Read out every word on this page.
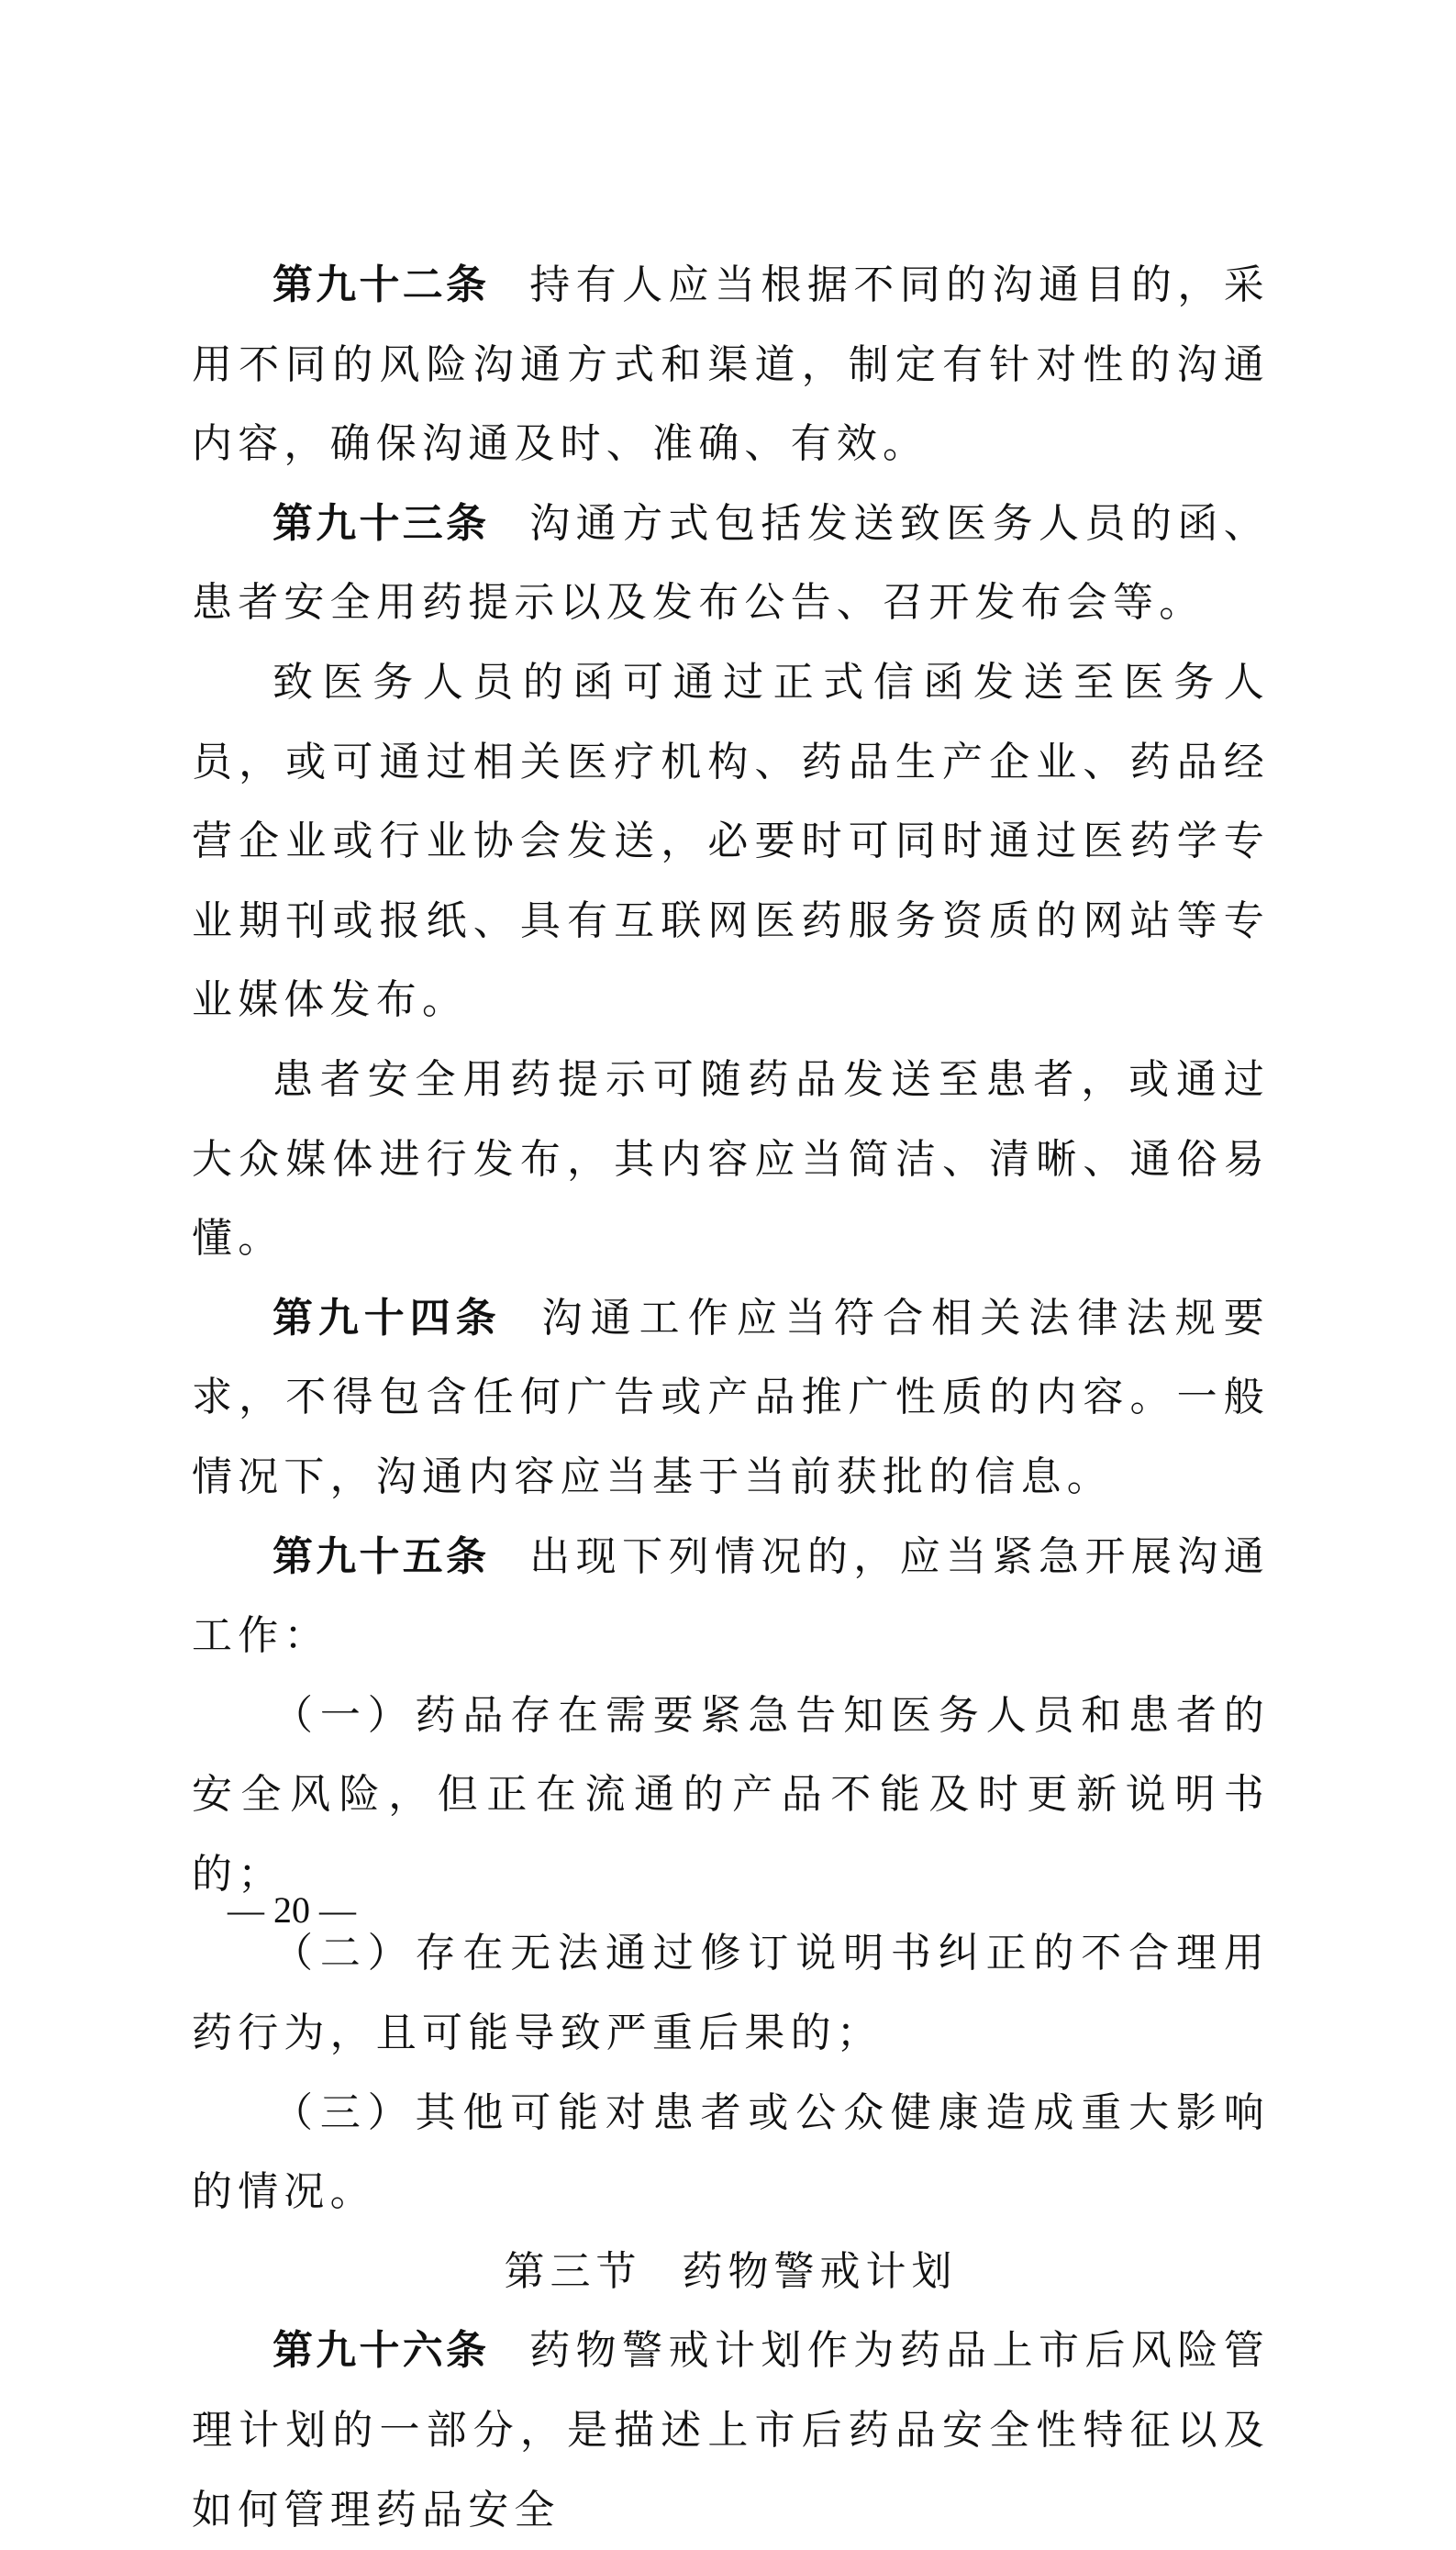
第九十二条 持有人应当根据不同的沟通目的，采用不同的风险沟通方式和渠道，制定有针对性的沟通内容，确保沟通及时、准确、有效。

第九十三条 沟通方式包括发送致医务人员的函、患者安全用药提示以及发布公告、召开发布会等。

致医务人员的函可通过正式信函发送至医务人员，或可通过相关医疗机构、药品生产企业、药品经营企业或行业协会发送，必要时可同时通过医药学专业期刊或报纸、具有互联网医药服务资质的网站等专业媒体发布。

患者安全用药提示可随药品发送至患者，或通过大众媒体进行发布，其内容应当简洁、清晰、通俗易懂。

第九十四条 沟通工作应当符合相关法律法规要求，不得包含任何广告或产品推广性质的内容。一般情况下，沟通内容应当基于当前获批的信息。

第九十五条 出现下列情况的，应当紧急开展沟通工作：

（一）药品存在需要紧急告知医务人员和患者的安全风险，但正在流通的产品不能及时更新说明书的；

（二）存在无法通过修订说明书纠正的不合理用药行为，且可能导致严重后果的；

（三）其他可能对患者或公众健康造成重大影响的情况。

第三节 药物警戒计划

第九十六条 药物警戒计划作为药品上市后风险管理计划的一部分，是描述上市后药品安全性特征以及如何管理药品安全

— 20 —
